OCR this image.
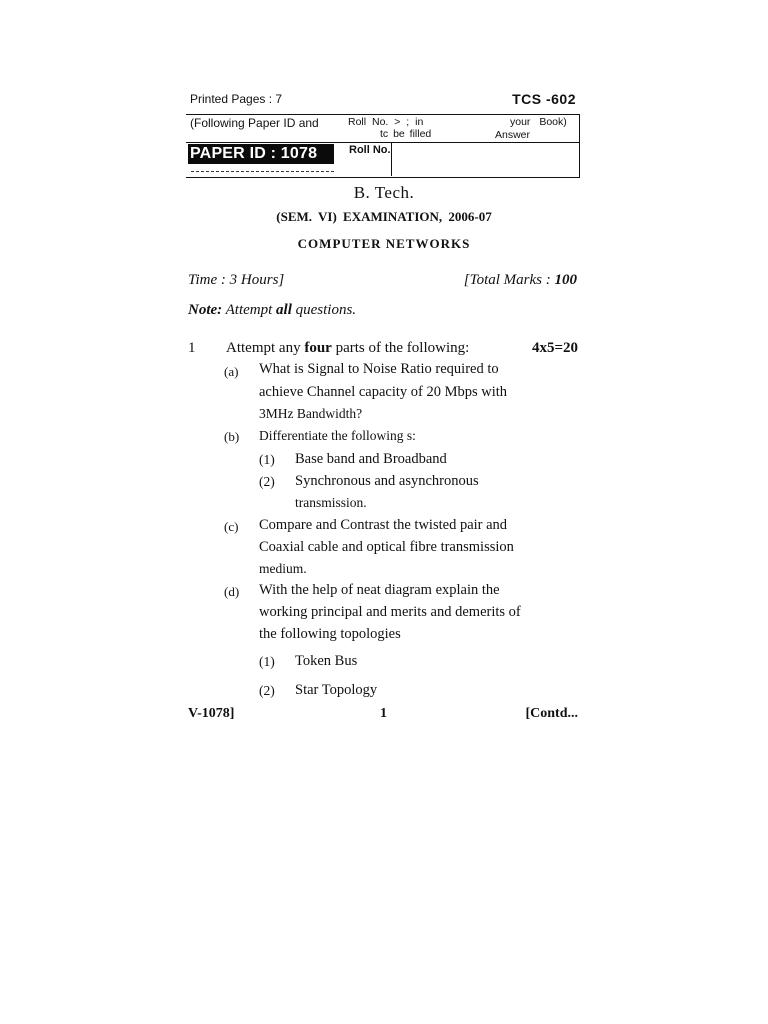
Printed Pages : 7	TCS -602
(Following Paper ID and	Roll No. > ; in
tc be filled	Answer
your Book)
PAPER ID : 1078	Roll No.
B. Tech.
(SEM. VI) EXAMINATION, 2006-07
COMPUTER NETWORKS
Time : 3 Hours]	[Total Marks : 100
Note: Attempt all questions.
1 Attempt any four parts of the following:	4x5=20
(a) What is Signal to Noise Ratio required to
achieve Channel capacity of 20 Mbps with
3MHz Bandwidth?
(b) Differentiate the following s:
(1) Base band and Broadband
(2) Synchronous and asynchronous
transmission.
(c) Compare and Contrast the twisted pair and
Coaxial cable and optical fibre transmission
medium.
(d) With the help of neat diagram explain the
working principal and merits and demerits of
the following topologies
(1) Token Bus
(2) Star Topology
V-1078]	1	[Contd...
